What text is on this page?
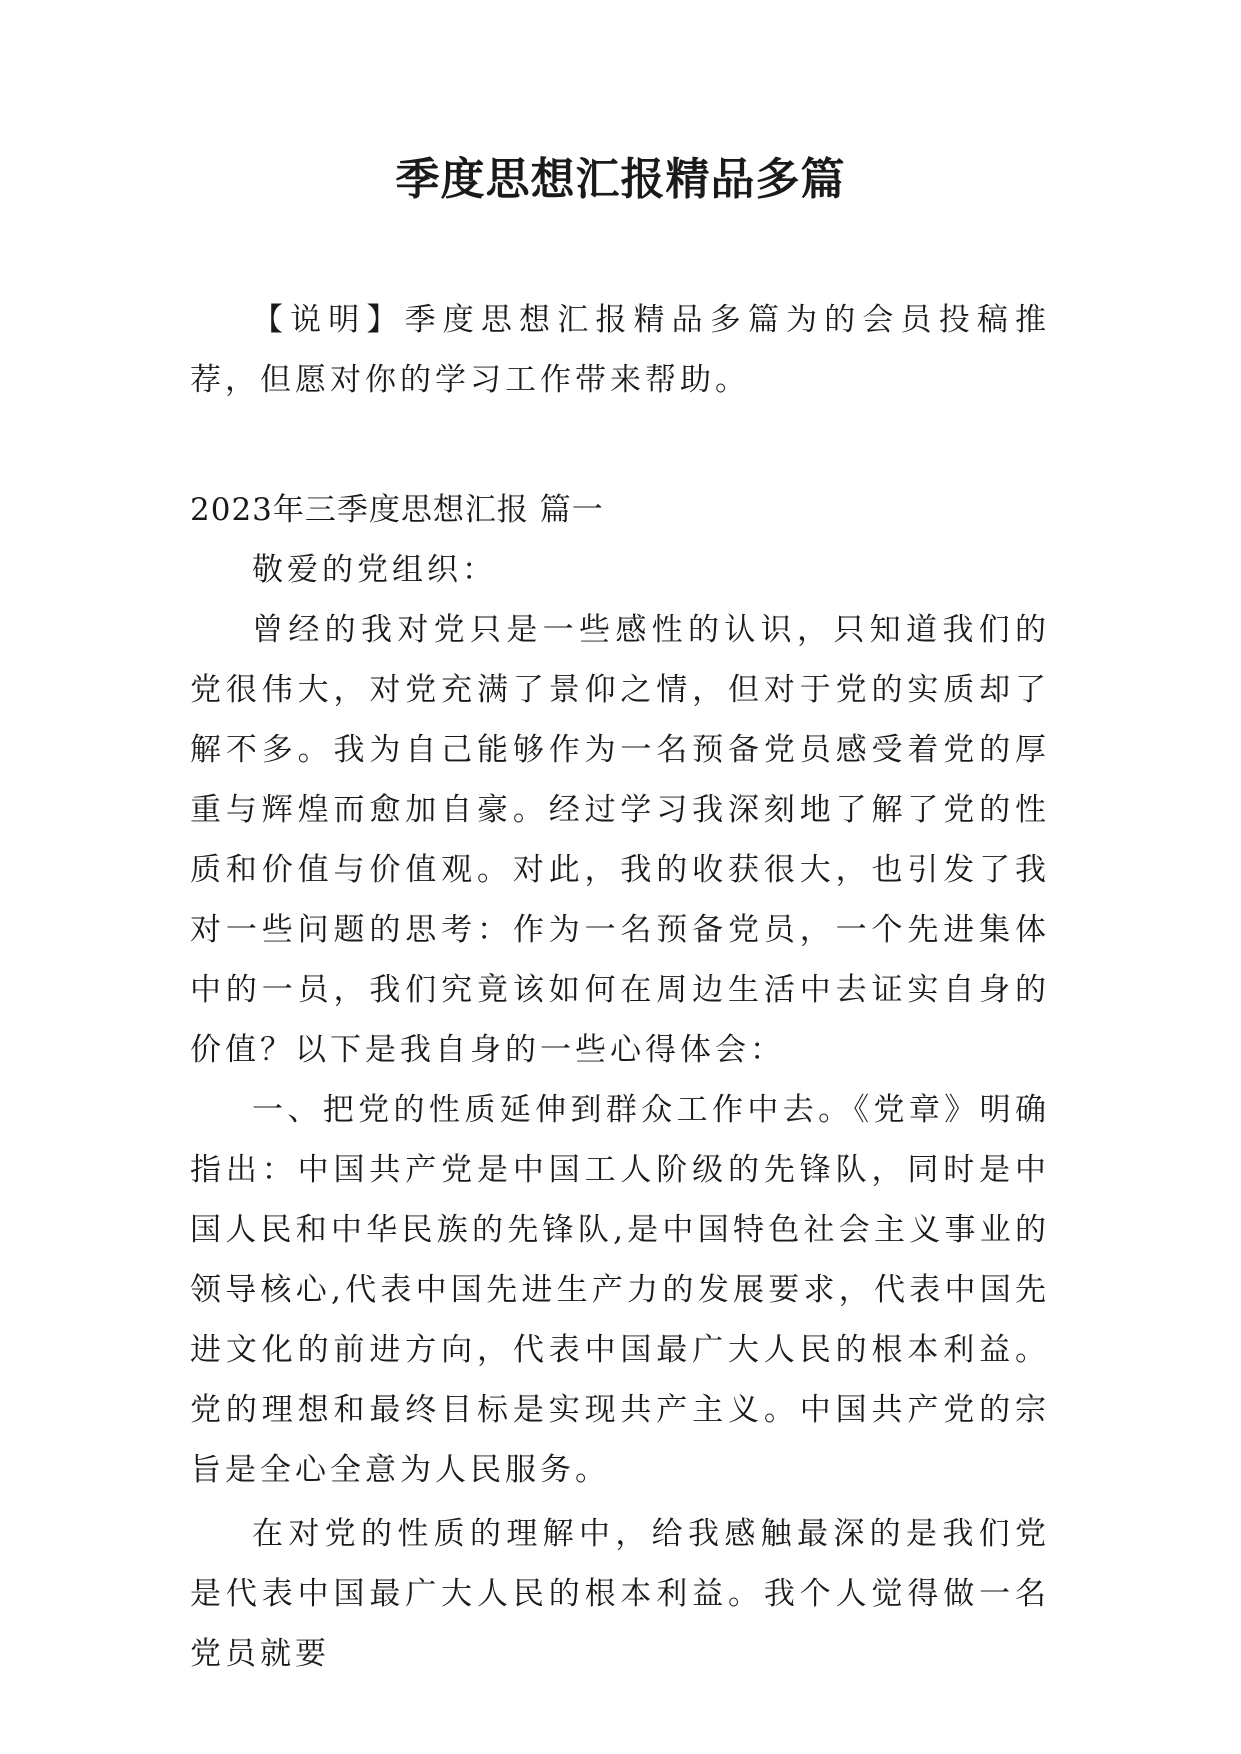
季度思想汇报精品多篇

【说明】季度思想汇报精品多篇为的会员投稿推荐，但愿对你的学习工作带来帮助。

2023年三季度思想汇报 篇一

敬爱的党组织：

曾经的我对党只是一些感性的认识，只知道我们的党很伟大，对党充满了景仰之情，但对于党的实质却了解不多。我为自己能够作为一名预备党员感受着党的厚重与辉煌而愈加自豪。经过学习我深刻地了解了党的性质和价值与价值观。对此，我的收获很大，也引发了我对一些问题的思考：作为一名预备党员，一个先进集体中的一员，我们究竟该如何在周边生活中去证实自身的价值？以下是我自身的一些心得体会：

一、把党的性质延伸到群众工作中去。《党章》明确指出：中国共产党是中国工人阶级的先锋队，同时是中国人民和中华民族的先锋队,是中国特色社会主义事业的领导核心,代表中国先进生产力的发展要求，代表中国先进文化的前进方向，代表中国最广大人民的根本利益。党的理想和最终目标是实现共产主义。中国共产党的宗旨是全心全意为人民服务。

在对党的性质的理解中，给我感触最深的是我们党是代表中国最广大人民的根本利益。我个人觉得做一名党员就要
